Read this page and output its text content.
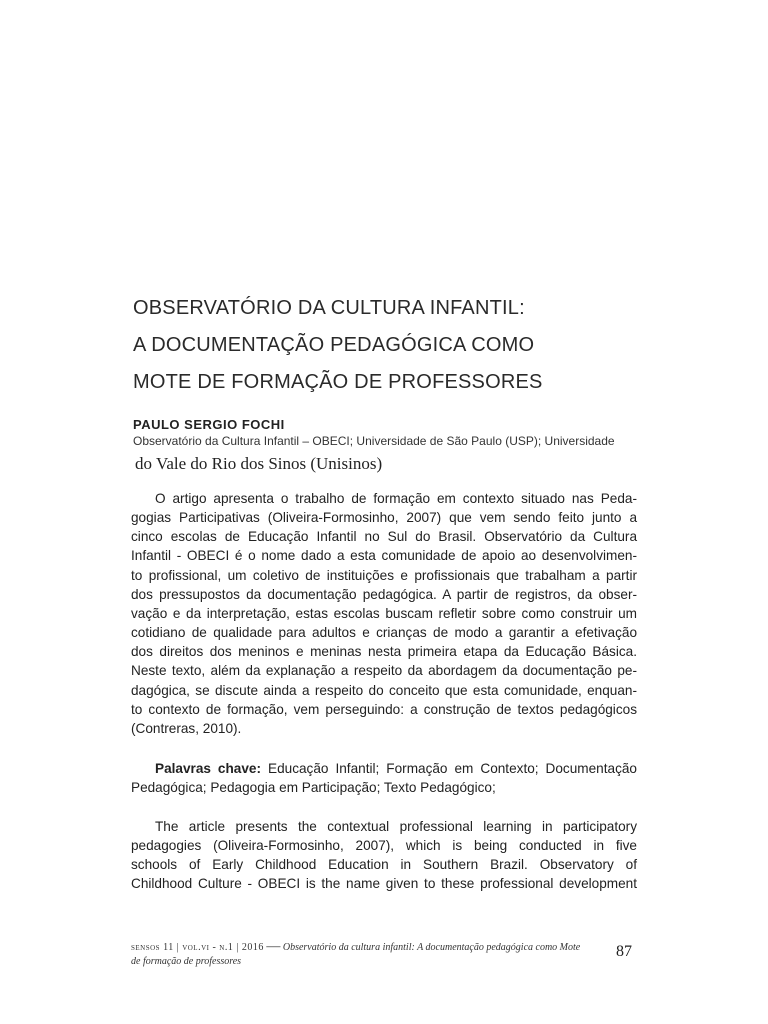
OBSERVATÓRIO DA CULTURA INFANTIL:
A DOCUMENTAÇÃO PEDAGÓGICA COMO
MOTE DE FORMAÇÃO DE PROFESSORES
PAULO SERGIO FOCHI
Observatório da Cultura Infantil – OBECI; Universidade de São Paulo (USP); Universidade
do Vale do Rio dos Sinos (Unisinos)
O artigo apresenta o trabalho de formação em contexto situado nas Peda-
gogias Participativas (Oliveira-Formosinho, 2007) que vem sendo feito junto a
cinco escolas de Educação Infantil no Sul do Brasil. Observatório da Cultura
Infantil - OBECI é o nome dado a esta comunidade de apoio ao desenvolvimen-
to profissional, um coletivo de instituições e profissionais que trabalham a partir
dos pressupostos da documentação pedagógica. A partir de registros, da obser-
vação e da interpretação, estas escolas buscam refletir sobre como construir um
cotidiano de qualidade para adultos e crianças de modo a garantir a efetivação
dos direitos dos meninos e meninas nesta primeira etapa da Educação Básica.
Neste texto, além da explanação a respeito da abordagem da documentação pe-
dagógica, se discute ainda a respeito do conceito que esta comunidade, enquan-
to contexto de formação, vem perseguindo: a construção de textos pedagógicos
(Contreras, 2010).
Palavras chave: Educação Infantil; Formação em Contexto; Documentação
Pedagógica; Pedagogia em Participação; Texto Pedagógico;
The article presents the contextual professional learning in participatory
pedagogies (Oliveira-Formosinho, 2007), which is being conducted in five
schools of Early Childhood Education in Southern Brazil. Observatory of
Childhood Culture - OBECI is the name given to these professional development
sensos 11 | vol.vi - n.1 | 2016 — Observatório da cultura infantil: A documentação pedagógica como Mote
de formação de professores
87
